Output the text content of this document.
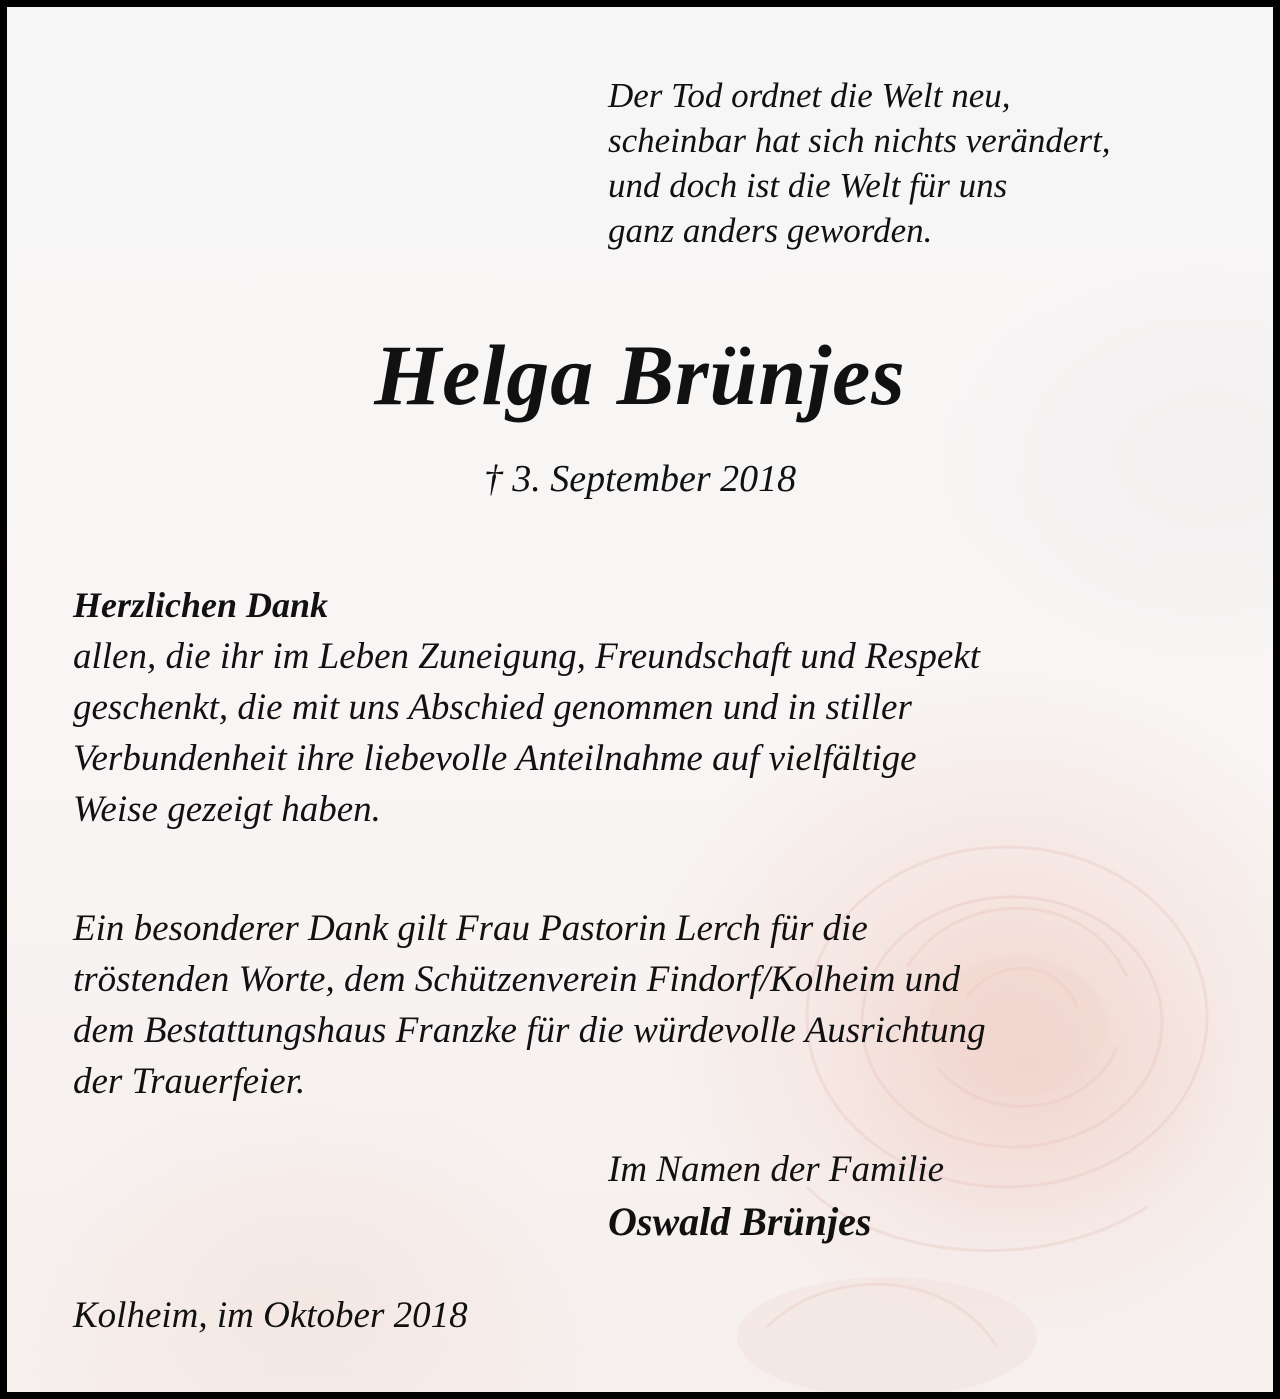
Der Tod ordnet die Welt neu,
scheinbar hat sich nichts verändert,
und doch ist die Welt für uns
ganz anders geworden.
Helga Brünjes
† 3. September 2018
Herzlichen Dank
allen, die ihr im Leben Zuneigung, Freundschaft und Respekt
geschenkt, die mit uns Abschied genommen und in stiller
Verbundenheit ihre liebevolle Anteilnahme auf vielfältige
Weise gezeigt haben.
Ein besonderer Dank gilt Frau Pastorin Lerch für die
tröstenden Worte, dem Schützenverein Findorf/Kolheim und
dem Bestattungshaus Franzke für die würdevolle Ausrichtung
der Trauerfeier.
Im Namen der Familie
Oswald Brünjes
Kolheim, im Oktober 2018
